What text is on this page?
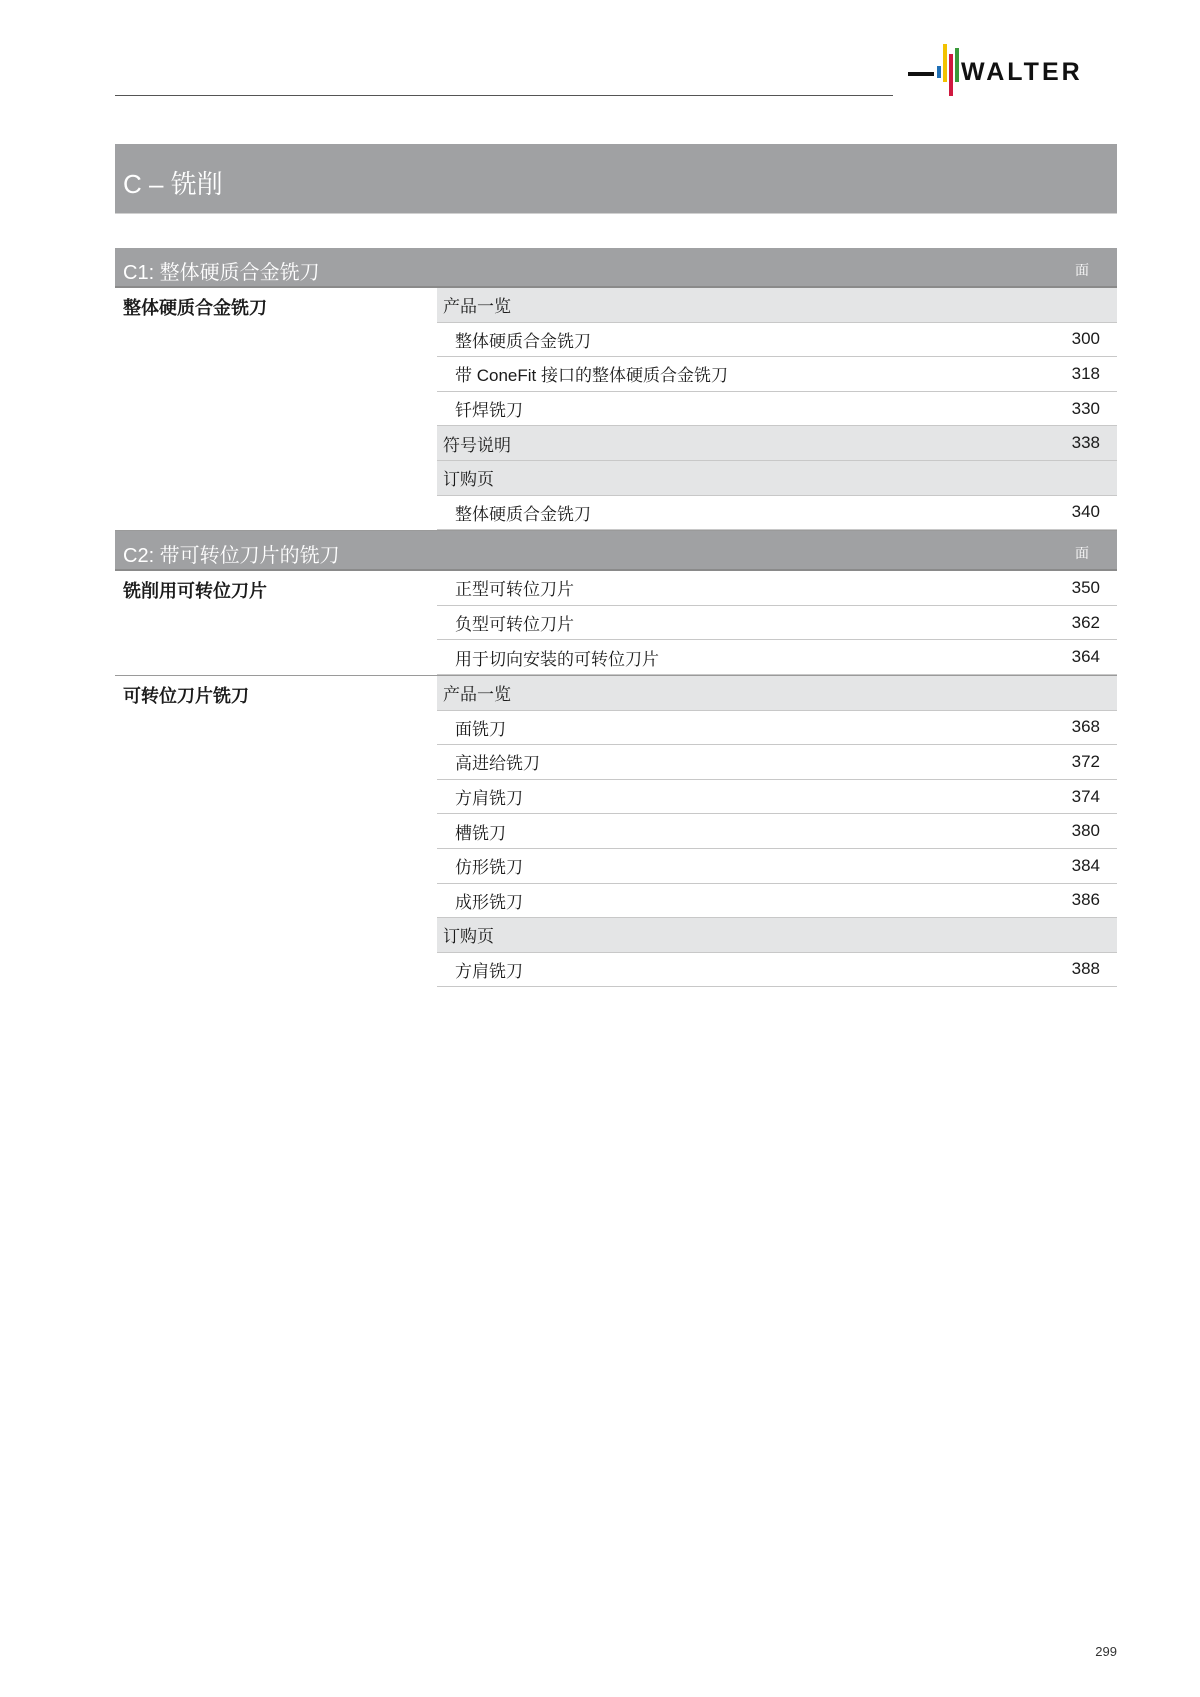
WALTER
C – 铣削
C1: 整体硬质合金铣刀	面
整体硬质合金铣刀	产品一览
整体硬质合金铣刀	300
带 ConeFit 接口的整体硬质合金铣刀	318
钎焊铣刀	330
符号说明	338
订购页
整体硬质合金铣刀	340
C2: 带可转位刀片的铣刀	面
铣削用可转位刀片	正型可转位刀片	350
负型可转位刀片	362
用于切向安装的可转位刀片	364
可转位刀片铣刀	产品一览
面铣刀	368
高进给铣刀	372
方肩铣刀	374
槽铣刀	380
仿形铣刀	384
成形铣刀	386
订购页
方肩铣刀	388
299
